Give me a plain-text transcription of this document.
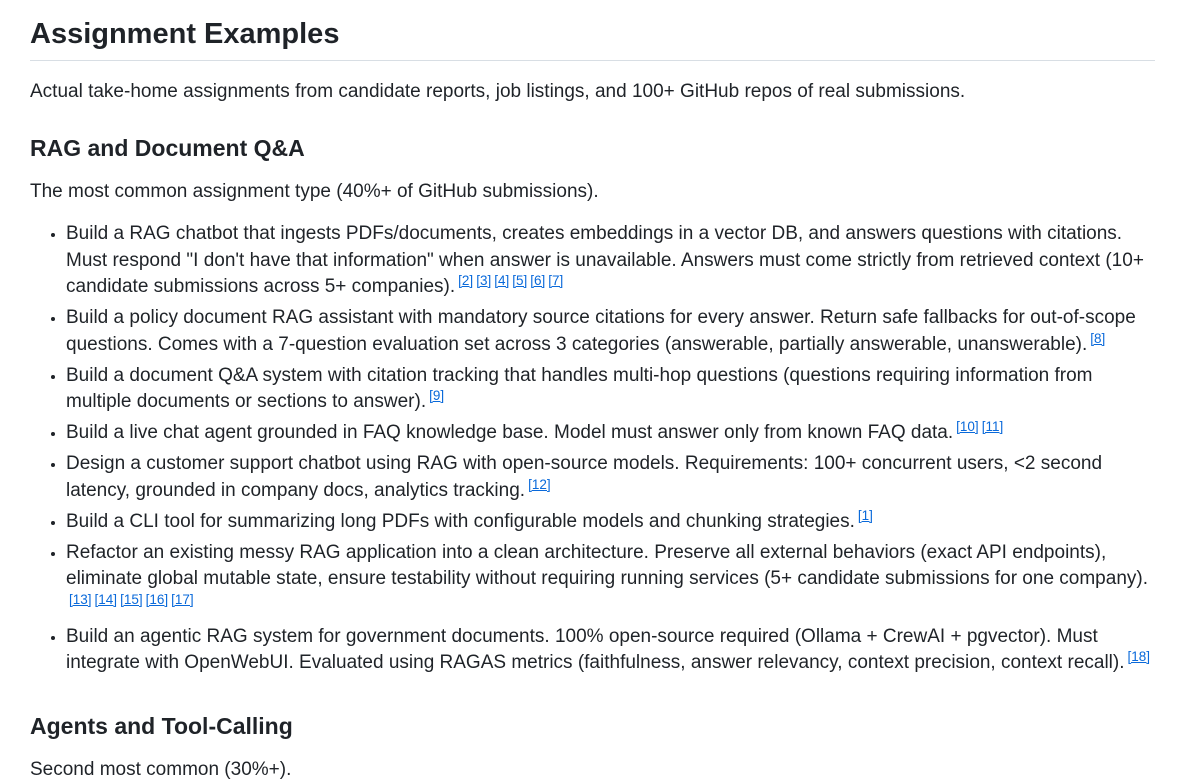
Assignment Examples

Actual take-home assignments from candidate reports, job listings, and 100+ GitHub repos of real submissions.

RAG and Document Q&A

The most common assignment type (40%+ of GitHub submissions).

• Build a RAG chatbot that ingests PDFs/documents, creates embeddings in a vector DB, and answers questions with citations. Must respond "I don't have that information" when answer is unavailable. Answers must come strictly from retrieved context (10+ candidate submissions across 5+ companies). [2] [3] [4] [5] [6] [7]
• Build a policy document RAG assistant with mandatory source citations for every answer. Return safe fallbacks for out-of-scope questions. Comes with a 7-question evaluation set across 3 categories (answerable, partially answerable, unanswerable). [8]
• Build a document Q&A system with citation tracking that handles multi-hop questions (questions requiring information from multiple documents or sections to answer). [9]
• Build a live chat agent grounded in FAQ knowledge base. Model must answer only from known FAQ data. [10] [11]
• Design a customer support chatbot using RAG with open-source models. Requirements: 100+ concurrent users, <2 second latency, grounded in company docs, analytics tracking. [12]
• Build a CLI tool for summarizing long PDFs with configurable models and chunking strategies. [1]
• Refactor an existing messy RAG application into a clean architecture. Preserve all external behaviors (exact API endpoints), eliminate global mutable state, ensure testability without requiring running services (5+ candidate submissions for one company).[13] [14] [15] [16] [17]
• Build an agentic RAG system for government documents. 100% open-source required (Ollama + CrewAI + pgvector). Must integrate with OpenWebUI. Evaluated using RAGAS metrics (faithfulness, answer relevancy, context precision, context recall). [18]
Agents and Tool-Calling

Second most common (30%+).
